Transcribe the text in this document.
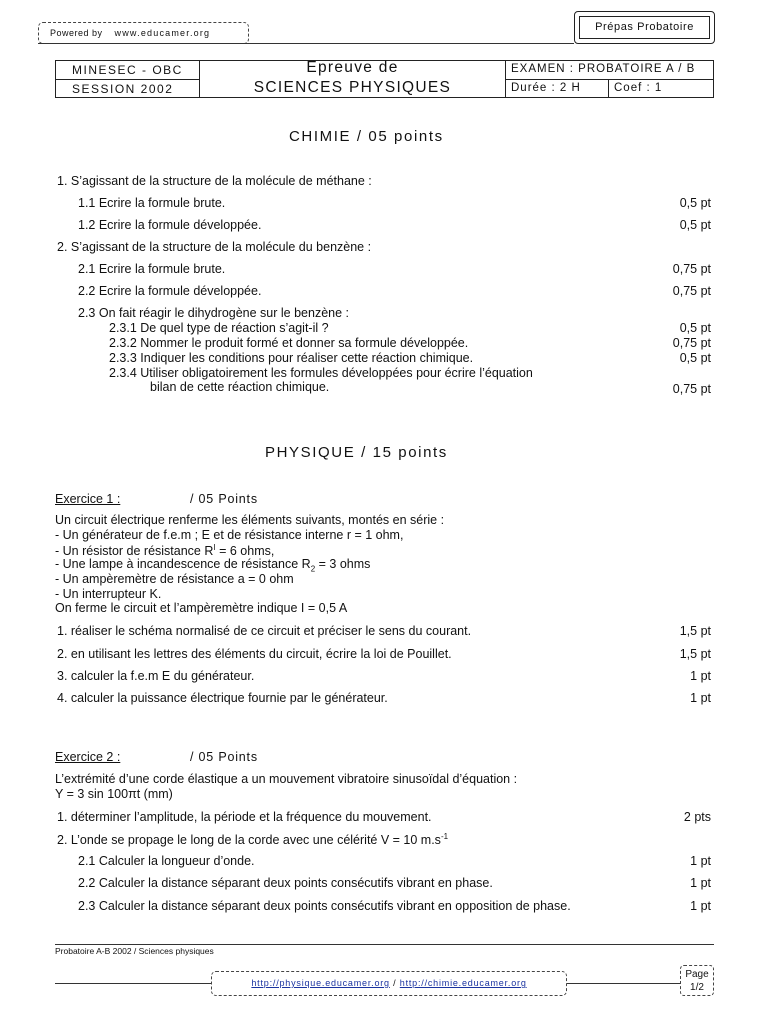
Powered by www.educamer.org	Prépas Probatoire
MINESEC - OBC
SESSION 2002
Epreuve de
SCIENCES PHYSIQUES
EXAMEN : PROBATOIRE A / B
Durée : 2 H	Coef : 1
CHIMIE / 05 points
1. S’agissant de la structure de la molécule de méthane :
1.1 Ecrire la formule brute.	0,5 pt
1.2 Ecrire la formule développée.	0,5 pt
2. S’agissant de la structure de la molécule du benzène :
2.1 Ecrire la formule brute.	0,75 pt
2.2 Ecrire la formule développée.	0,75 pt
2.3 On fait réagir le dihydrogène sur le benzène :
2.3.1 De quel type de réaction s’agit-il ?	0,5 pt
2.3.2 Nommer le produit formé et donner sa formule développée.	0,75 pt
2.3.3 Indiquer les conditions pour réaliser cette réaction chimique.	0,5 pt
2.3.4 Utiliser obligatoirement les formules développées pour écrire l’équation
bilan de cette réaction chimique.	0,75 pt
PHYSIQUE / 15 points
Exercice 1 :	/ 05 Points
Un circuit électrique renferme les éléments suivants, montés en série :
- Un générateur de f.e.m ; E et de résistance interne r = 1 ohm,
- Un résistor de résistance $R^I = 6$ ohms,
- Une lampe à incandescence de résistance $R_2 = 3$ ohms
- Un ampèremètre de résistance a = 0 ohm
- Un interrupteur K.
On ferme le circuit et l’ampèremètre indique I = 0,5 A
1. réaliser le schéma normalisé de ce circuit et préciser le sens du courant.	1,5 pt
2. en utilisant les lettres des éléments du circuit, écrire la loi de Pouillet.	1,5 pt
3. calculer la f.e.m E du générateur.	1 pt
4. calculer la puissance électrique fournie par le générateur.	1 pt
Exercice 2 :	/ 05 Points
L’extrémité d’une corde élastique a un mouvement vibratoire sinusoïdal d’équation :
Y = 3 sin 100πt (mm)
1. déterminer l’amplitude, la période et la fréquence du mouvement.	2 pts
2. L’onde se propage le long de la corde avec une célérité V = 10 $m.s^{-1}$
2.1 Calculer la longueur d’onde.	1 pt
2.2 Calculer la distance séparant deux points consécutifs vibrant en phase.	1 pt
2.3 Calculer la distance séparant deux points consécutifs vibrant en opposition de phase.	1 pt
Probatoire A-B 2002 / Sciences physiques
http://physique.educamer.org / http://chimie.educamer.org
Page
1/2
